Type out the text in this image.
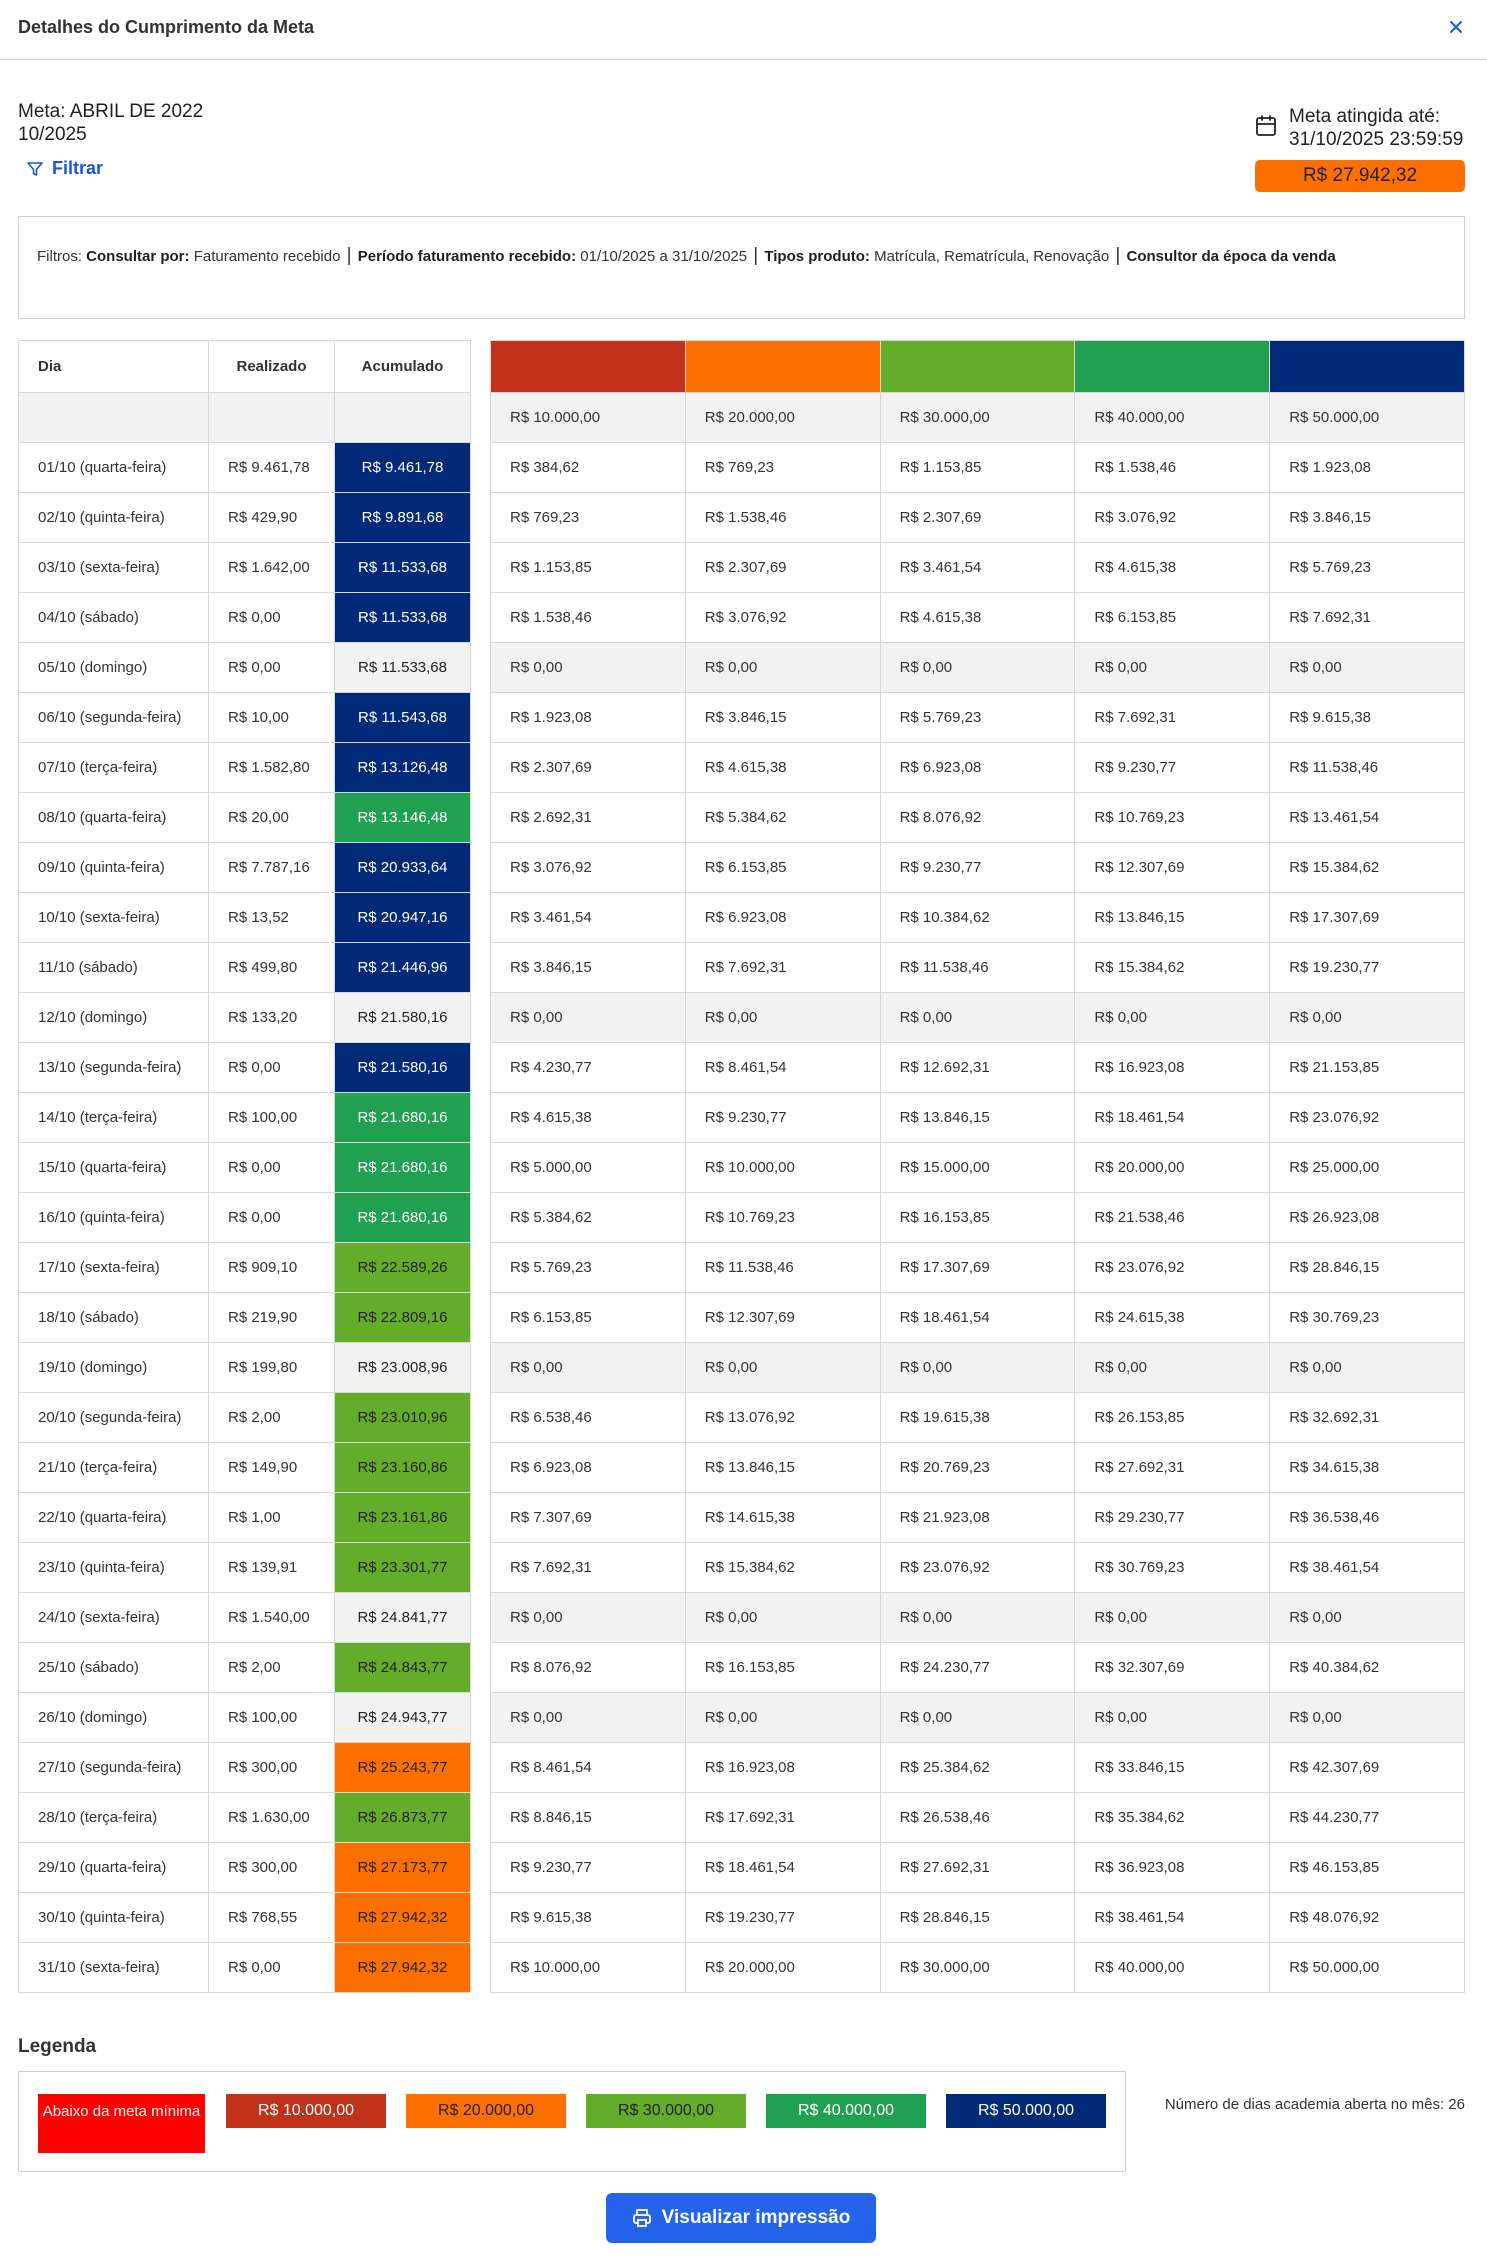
Detalhes do Cumprimento da Meta
Meta: ABRIL DE 2022
10/2025
Filtrar
Meta atingida até:
31/10/2025 23:59:59
R$ 27.942,32
Filtros: Consultar por: Faturamento recebido | Período faturamento recebido: 01/10/2025 a 31/10/2025 | Tipos produto: Matrícula, Rematrícula, Renovação | Consultor da época da venda
Dia	Realizado	Acumulado

01/10 (quarta-feira)	R$ 9.461,78	R$ 9.461,78
02/10 (quinta-feira)	R$ 429,90	R$ 9.891,68
03/10 (sexta-feira)	R$ 1.642,00	R$ 11.533,68
04/10 (sábado)	R$ 0,00	R$ 11.533,68
05/10 (domingo)	R$ 0,00	R$ 11.533,68
06/10 (segunda-feira)	R$ 10,00	R$ 11.543,68
07/10 (terça-feira)	R$ 1.582,80	R$ 13.126,48
08/10 (quarta-feira)	R$ 20,00	R$ 13.146,48
09/10 (quinta-feira)	R$ 7.787,16	R$ 20.933,64
10/10 (sexta-feira)	R$ 13,52	R$ 20.947,16
11/10 (sábado)	R$ 499,80	R$ 21.446,96
12/10 (domingo)	R$ 133,20	R$ 21.580,16
13/10 (segunda-feira)	R$ 0,00	R$ 21.580,16
14/10 (terça-feira)	R$ 100,00	R$ 21.680,16
15/10 (quarta-feira)	R$ 0,00	R$ 21.680,16
16/10 (quinta-feira)	R$ 0,00	R$ 21.680,16
17/10 (sexta-feira)	R$ 909,10	R$ 22.589,26
18/10 (sábado)	R$ 219,90	R$ 22.809,16
19/10 (domingo)	R$ 199,80	R$ 23.008,96
20/10 (segunda-feira)	R$ 2,00	R$ 23.010,96
21/10 (terça-feira)	R$ 149,90	R$ 23.160,86
22/10 (quarta-feira)	R$ 1,00	R$ 23.161,86
23/10 (quinta-feira)	R$ 139,91	R$ 23.301,77
24/10 (sexta-feira)	R$ 1.540,00	R$ 24.841,77
25/10 (sábado)	R$ 2,00	R$ 24.843,77
26/10 (domingo)	R$ 100,00	R$ 24.943,77
27/10 (segunda-feira)	R$ 300,00	R$ 25.243,77
28/10 (terça-feira)	R$ 1.630,00	R$ 26.873,77
29/10 (quarta-feira)	R$ 300,00	R$ 27.173,77
30/10 (quinta-feira)	R$ 768,55	R$ 27.942,32
31/10 (sexta-feira)	R$ 0,00	R$ 27.942,32

R$ 10.000,00	R$ 20.000,00	R$ 30.000,00	R$ 40.000,00	R$ 50.000,00
R$ 384,62	R$ 769,23	R$ 1.153,85	R$ 1.538,46	R$ 1.923,08
R$ 769,23	R$ 1.538,46	R$ 2.307,69	R$ 3.076,92	R$ 3.846,15
R$ 1.153,85	R$ 2.307,69	R$ 3.461,54	R$ 4.615,38	R$ 5.769,23
R$ 1.538,46	R$ 3.076,92	R$ 4.615,38	R$ 6.153,85	R$ 7.692,31
R$ 0,00	R$ 0,00	R$ 0,00	R$ 0,00	R$ 0,00
R$ 1.923,08	R$ 3.846,15	R$ 5.769,23	R$ 7.692,31	R$ 9.615,38
R$ 2.307,69	R$ 4.615,38	R$ 6.923,08	R$ 9.230,77	R$ 11.538,46
R$ 2.692,31	R$ 5.384,62	R$ 8.076,92	R$ 10.769,23	R$ 13.461,54
R$ 3.076,92	R$ 6.153,85	R$ 9.230,77	R$ 12.307,69	R$ 15.384,62
R$ 3.461,54	R$ 6.923,08	R$ 10.384,62	R$ 13.846,15	R$ 17.307,69
R$ 3.846,15	R$ 7.692,31	R$ 11.538,46	R$ 15.384,62	R$ 19.230,77
R$ 0,00	R$ 0,00	R$ 0,00	R$ 0,00	R$ 0,00
R$ 4.230,77	R$ 8.461,54	R$ 12.692,31	R$ 16.923,08	R$ 21.153,85
R$ 4.615,38	R$ 9.230,77	R$ 13.846,15	R$ 18.461,54	R$ 23.076,92
R$ 5.000,00	R$ 10.000,00	R$ 15.000,00	R$ 20.000,00	R$ 25.000,00
R$ 5.384,62	R$ 10.769,23	R$ 16.153,85	R$ 21.538,46	R$ 26.923,08
R$ 5.769,23	R$ 11.538,46	R$ 17.307,69	R$ 23.076,92	R$ 28.846,15
R$ 6.153,85	R$ 12.307,69	R$ 18.461,54	R$ 24.615,38	R$ 30.769,23
R$ 0,00	R$ 0,00	R$ 0,00	R$ 0,00	R$ 0,00
R$ 6.538,46	R$ 13.076,92	R$ 19.615,38	R$ 26.153,85	R$ 32.692,31
R$ 6.923,08	R$ 13.846,15	R$ 20.769,23	R$ 27.692,31	R$ 34.615,38
R$ 7.307,69	R$ 14.615,38	R$ 21.923,08	R$ 29.230,77	R$ 36.538,46
R$ 7.692,31	R$ 15.384,62	R$ 23.076,92	R$ 30.769,23	R$ 38.461,54
R$ 0,00	R$ 0,00	R$ 0,00	R$ 0,00	R$ 0,00
R$ 8.076,92	R$ 16.153,85	R$ 24.230,77	R$ 32.307,69	R$ 40.384,62
R$ 0,00	R$ 0,00	R$ 0,00	R$ 0,00	R$ 0,00
R$ 8.461,54	R$ 16.923,08	R$ 25.384,62	R$ 33.846,15	R$ 42.307,69
R$ 8.846,15	R$ 17.692,31	R$ 26.538,46	R$ 35.384,62	R$ 44.230,77
R$ 9.230,77	R$ 18.461,54	R$ 27.692,31	R$ 36.923,08	R$ 46.153,85
R$ 9.615,38	R$ 19.230,77	R$ 28.846,15	R$ 38.461,54	R$ 48.076,92
R$ 10.000,00	R$ 20.000,00	R$ 30.000,00	R$ 40.000,00	R$ 50.000,00
Legenda
Abaixo da meta mínima	R$ 10.000,00	R$ 20.000,00	R$ 30.000,00	R$ 40.000,00	R$ 50.000,00	Número de dias academia aberta no mês: 26
Visualizar impressão
